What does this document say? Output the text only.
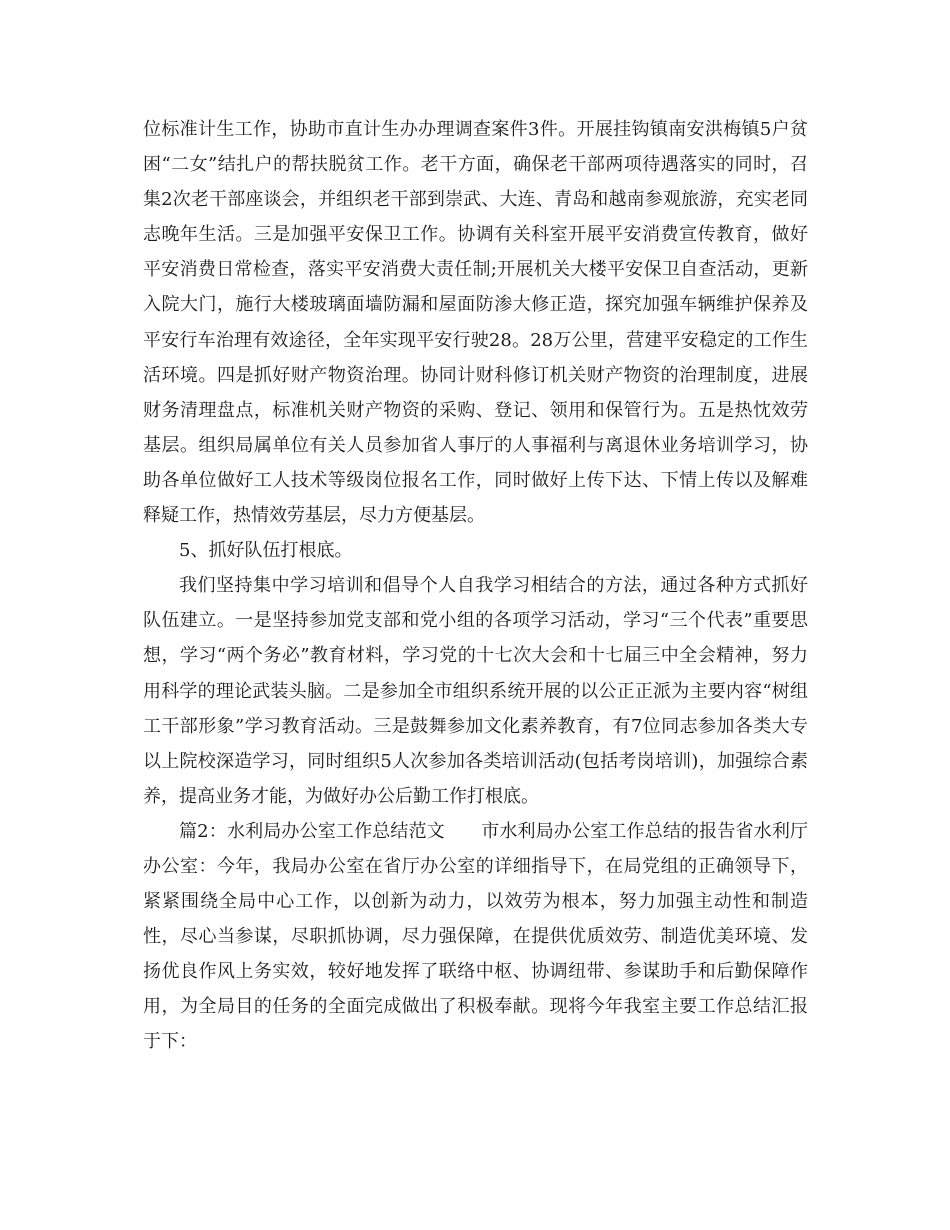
位标准计生工作，协助市直计生办办理调查案件3件。开展挂钩镇南安洪梅镇5户贫困“二女”结扎户的帮扶脱贫工作。老干方面，确保老干部两项待遇落实的同时，召集2次老干部座谈会，并组织老干部到崇武、大连、青岛和越南参观旅游，充实老同志晚年生活。三是加强平安保卫工作。协调有关科室开展平安消费宣传教育，做好平安消费日常检查，落实平安消费大责任制;开展机关大楼平安保卫自查活动，更新入院大门，施行大楼玻璃面墙防漏和屋面防渗大修正造，探究加强车辆维护保养及平安行车治理有效途径，全年实现平安行驶28。28万公里，营建平安稳定的工作生活环境。四是抓好财产物资治理。协同计财科修订机关财产物资的治理制度，进展财务清理盘点，标准机关财产物资的采购、登记、领用和保管行为。五是热忱效劳基层。组织局属单位有关人员参加省人事厅的人事福利与离退休业务培训学习，协助各单位做好工人技术等级岗位报名工作，同时做好上传下达、下情上传以及解难释疑工作，热情效劳基层，尽力方便基层。

5、抓好队伍打根底。

我们坚持集中学习培训和倡导个人自我学习相结合的方法，通过各种方式抓好队伍建立。一是坚持参加党支部和党小组的各项学习活动，学习“三个代表”重要思想，学习“两个务必”教育材料，学习党的十七次大会和十七届三中全会精神，努力用科学的理论武装头脑。二是参加全市组织系统开展的以公正正派为主要内容“树组工干部形象”学习教育活动。三是鼓舞参加文化素养教育，有7位同志参加各类大专以上院校深造学习，同时组织5人次参加各类培训活动(包括考岗培训)，加强综合素养，提高业务才能，为做好办公后勤工作打根底。

篇2：水利局办公室工作总结范文　　市水利局办公室工作总结的报告省水利厅办公室：今年，我局办公室在省厅办公室的详细指导下，在局党组的正确领导下，紧紧围绕全局中心工作，以创新为动力，以效劳为根本，努力加强主动性和制造性，尽心当参谋，尽职抓协调，尽力强保障，在提供优质效劳、制造优美环境、发扬优良作风上务实效，较好地发挥了联络中枢、协调纽带、参谋助手和后勤保障作用，为全局目的任务的全面完成做出了积极奉献。现将今年我室主要工作总结汇报于下：
